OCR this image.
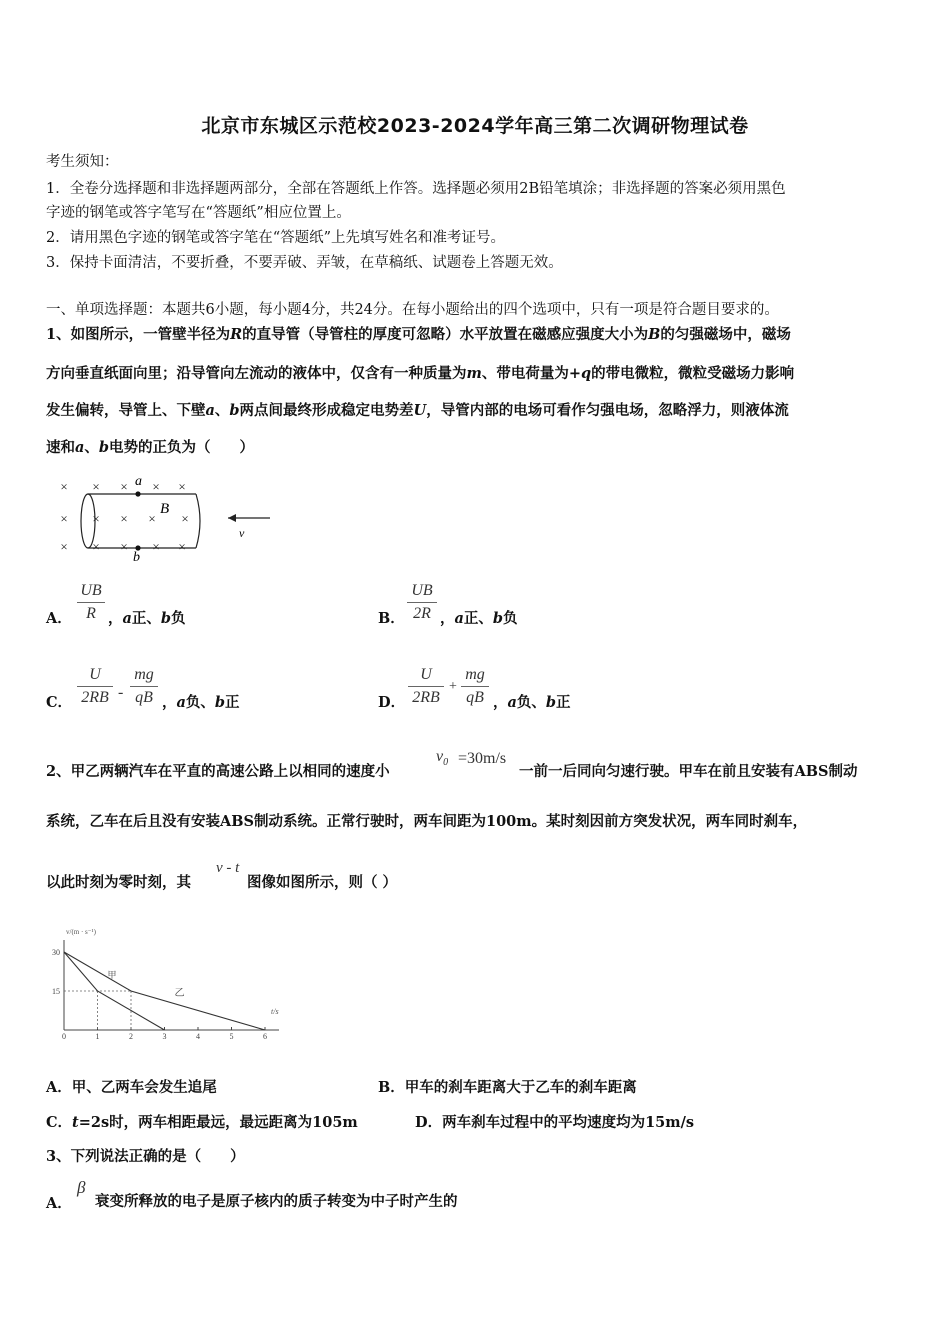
北京市东城区示范校2023-2024学年高三第二次调研物理试卷
考生须知：
1．全卷分选择题和非选择题两部分，全部在答题纸上作答。选择题必须用2B铅笔填涂；非选择题的答案必须用黑色
字迹的钢笔或答字笔写在“答题纸”相应位置上。
2．请用黑色字迹的钢笔或答字笔在“答题纸”上先填写姓名和准考证号。
3．保持卡面清洁，不要折叠，不要弄破、弄皱，在草稿纸、试题卷上答题无效。
一、单项选择题：本题共6小题，每小题4分，共24分。在每小题给出的四个选项中，只有一项是符合题目要求的。
1、如图所示，一管壁半径为R的直导管（导管柱的厚度可忽略）水平放置在磁感应强度大小为B的匀强磁场中，磁场
方向垂直纸面向里；沿导管向左流动的液体中，仅含有一种质量为m、带电荷量为+q的带电微粒，微粒受磁场力影响
发生偏转，导管上、下壁a、b两点间最终形成稳定电势差U，导管内部的电场可看作匀强电场，忽略浮力，则液体流
速和a、b电势的正负为（　　）
× × × × ×
× × × × ×
× × × × ×
a
b
B
v
A．
UB
R ，a正、b负	B．
UB
2R ，a正、b负
C．
U
2RB -
mg
qB ，a负、b正	D．
U
2RB
+
mg
qB ，a负、b正
2、甲乙两辆汽车在平直的高速公路上以相同的速度小
$v_0 =30m/s$
一前一后同向匀速行驶。甲车在前且安装有ABS制动
系统，乙车在后且没有安装ABS制动系统。正常行驶时，两车间距为100m。某时刻因前方突发状况，两车同时刹车，
以此时刻为零时刻，其
v - t
图像如图所示，则（ ）
v/(m · s⁻¹)
t/s
30
15
0	1	2	3	4	5	6
甲
乙
A．甲、乙两车会发生追尾	B．甲车的刹车距离大于乙车的刹车距离
C．t=2s时，两车相距最远，最远距离为105m	D．两车刹车过程中的平均速度均为15m/s
3、下列说法正确的是（　　）
A．
β
衰变所释放的电子是原子核内的质子转变为中子时产生的
